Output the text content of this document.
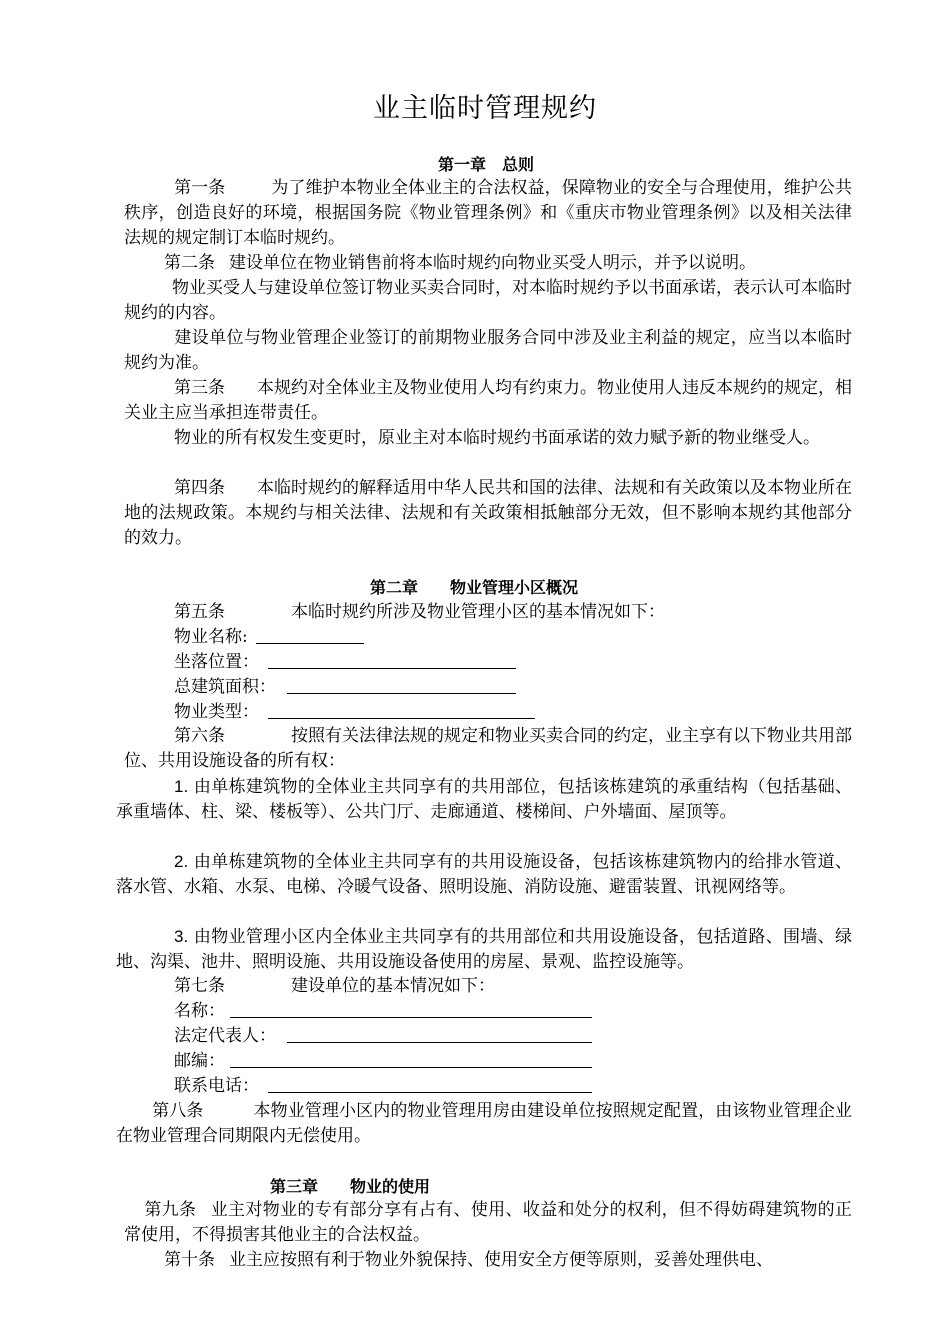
业主临时管理规约
第一章　总则
第一条	为了维护本物业全体业主的合法权益，保障物业的安全与合理使用，维护公共秩序，创造良好的环境，根据国务院《物业管理条例》和《重庆市物业管理条例》以及相关法律法规的规定制订本临时规约。
第二条 建设单位在物业销售前将本临时规约向物业买受人明示，并予以说明。
物业买受人与建设单位签订物业买卖合同时，对本临时规约予以书面承诺，表示认可本临时规约的内容。
建设单位与物业管理企业签订的前期物业服务合同中涉及业主利益的规定，应当以本临时规约为准。
第三条 本规约对全体业主及物业使用人均有约束力。物业使用人违反本规约的规定，相关业主应当承担连带责任。
物业的所有权发生变更时，原业主对本临时规约书面承诺的效力赋予新的物业继受人。
第四条 本临时规约的解释适用中华人民共和国的法律、法规和有关政策以及本物业所在地的法规政策。本规约与相关法律、法规和有关政策相抵触部分无效，但不影响本规约其他部分的效力。
第二章　　物业管理小区概况
第五条	本临时规约所涉及物业管理小区的基本情况如下：
物业名称:
坐落位置：
总建筑面积：
物业类型：
第六条	按照有关法律法规的规定和物业买卖合同的约定，业主享有以下物业共用部位、共用设施设备的所有权：
1. 由单栋建筑物的全体业主共同享有的共用部位，包括该栋建筑的承重结构（包括基础、承重墙体、柱、梁、楼板等）、公共门厅、走廊通道、楼梯间、户外墙面、屋顶等。
2. 由单栋建筑物的全体业主共同享有的共用设施设备，包括该栋建筑物内的给排水管道、落水管、水箱、水泵、电梯、冷暖气设备、照明设施、消防设施、避雷装置、讯视网络等。
3. 由物业管理小区内全体业主共同享有的共用部位和共用设施设备，包括道路、围墙、绿地、沟渠、池井、照明设施、共用设施设备使用的房屋、景观、监控设施等。
第七条	建设单位的基本情况如下：
名称：
法定代表人：
邮编：
联系电话：
第八条	本物业管理小区内的物业管理用房由建设单位按照规定配置，由该物业管理企业在物业管理合同期限内无偿使用。
第三章　　物业的使用
第九条 业主对物业的专有部分享有占有、使用、收益和处分的权利，但不得妨碍建筑物的正常使用，不得损害其他业主的合法权益。
第十条 业主应按照有利于物业外貌保持、使用安全方便等原则，妥善处理供电、
